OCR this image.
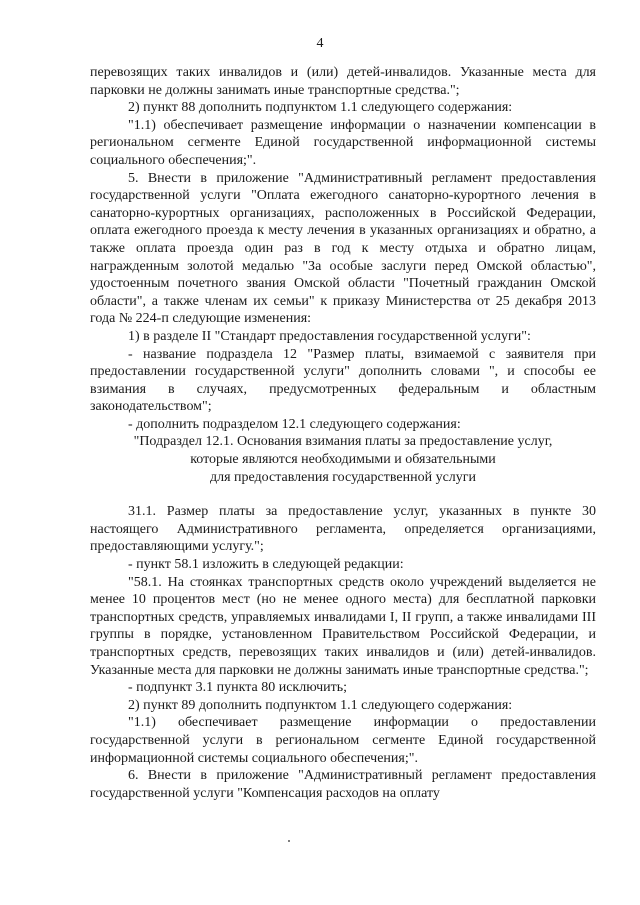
4

перевозящих таких инвалидов и (или) детей-инвалидов. Указанные места для парковки не должны занимать иные транспортные средства.";

2) пункт 88 дополнить подпунктом 1.1 следующего содержания:

"1.1) обеспечивает размещение информации о назначении компенсации в региональном сегменте Единой государственной информационной системы социального обеспечения;".

5. Внести в приложение "Административный регламент предоставления государственной услуги "Оплата ежегодного санаторно-курортного лечения в санаторно-курортных организациях, расположенных в Российской Федерации, оплата ежегодного проезда к месту лечения в указанных организациях и обратно, а также оплата проезда один раз в год к месту отдыха и обратно лицам, награжденным золотой медалью "За особые заслуги перед Омской областью", удостоенным почетного звания Омской области "Почетный гражданин Омской области", а также членам их семьи" к приказу Министерства от 25 декабря 2013 года № 224-п следующие изменения:

1) в разделе II "Стандарт предоставления государственной услуги":

- название подраздела 12 "Размер платы, взимаемой с заявителя при предоставлении государственной услуги" дополнить словами ", и способы ее взимания в случаях, предусмотренных федеральным и областным законодательством";

- дополнить подразделом 12.1 следующего содержания:

"Подраздел 12.1. Основания взимания платы за предоставление услуг,

которые являются необходимыми и обязательными

для предоставления государственной услуги

31.1. Размер платы за предоставление услуг, указанных в пункте 30 настоящего Административного регламента, определяется организациями, предоставляющими услугу.";

- пункт 58.1 изложить в следующей редакции:

"58.1. На стоянках транспортных средств около учреждений выделяется не менее 10 процентов мест (но не менее одного места) для бесплатной парковки транспортных средств, управляемых инвалидами I, II групп, а также инвалидами III группы в порядке, установленном Правительством Российской Федерации, и транспортных средств, перевозящих таких инвалидов и (или) детей-инвалидов. Указанные места для парковки не должны занимать иные транспортные средства.";

- подпункт 3.1 пункта 80 исключить;

2) пункт 89 дополнить подпунктом 1.1 следующего содержания:

"1.1) обеспечивает размещение информации о предоставлении государственной услуги в региональном сегменте Единой государственной информационной системы социального обеспечения;".

6. Внести в приложение "Административный регламент предоставления государственной услуги "Компенсация расходов на оплату
